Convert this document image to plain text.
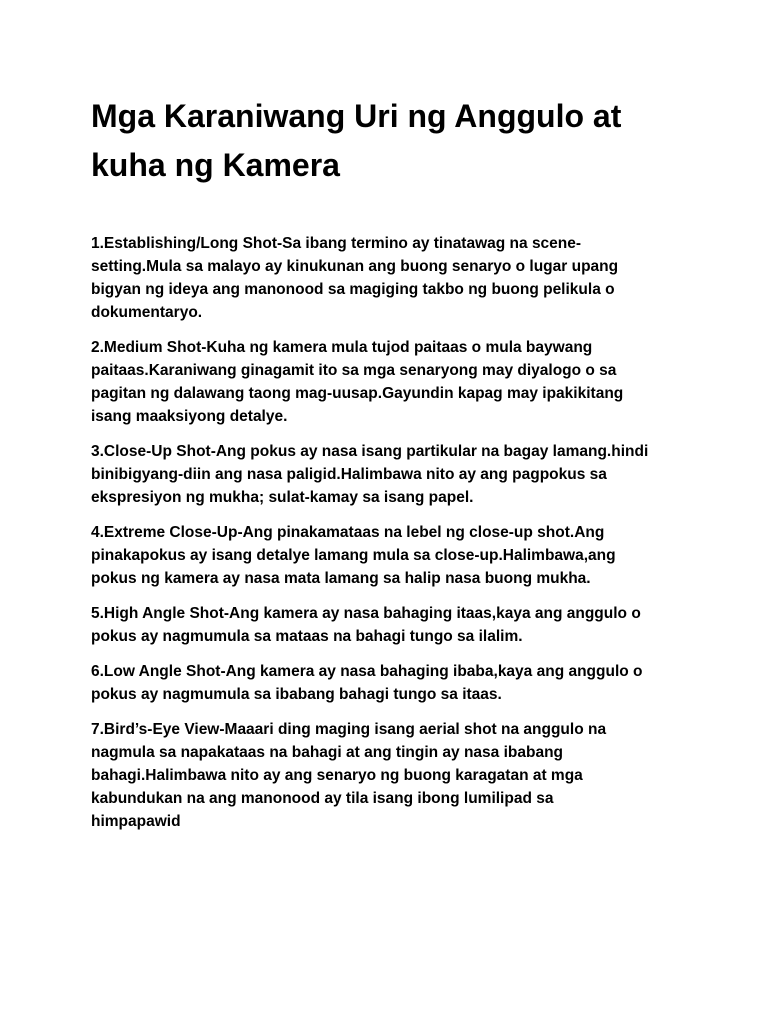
Mga Karaniwang Uri ng Anggulo at kuha ng Kamera

1.Establishing/Long Shot-Sa ibang termino ay tinatawag na scene-
setting.Mula sa malayo ay kinukunan ang buong senaryo o lugar upang
bigyan ng ideya ang manonood sa magiging takbo ng buong pelikula o
dokumentaryo.

2.Medium Shot-Kuha ng kamera mula tujod paitaas o mula baywang
paitaas.Karaniwang ginagamit ito sa mga senaryong may diyalogo o sa
pagitan ng dalawang taong mag-uusap.Gayundin kapag may ipakikitang
isang maaksiyong detalye.

3.Close-Up Shot-Ang pokus ay nasa isang partikular na bagay lamang.hindi
binibigyang-diin ang nasa paligid.Halimbawa nito ay ang pagpokus sa
ekspresiyon ng mukha; sulat-kamay sa isang papel.

4.Extreme Close-Up-Ang pinakamataas na lebel ng close-up shot.Ang
pinakapokus ay isang detalye lamang mula sa close-up.Halimbawa,ang
pokus ng kamera ay nasa mata lamang sa halip nasa buong mukha.

5.High Angle Shot-Ang kamera ay nasa bahaging itaas,kaya ang anggulo o
pokus ay nagmumula sa mataas na bahagi tungo sa ilalim.

6.Low Angle Shot-Ang kamera ay nasa bahaging ibaba,kaya ang anggulo o
pokus ay nagmumula sa ibabang bahagi tungo sa itaas.

7.Bird’s-Eye View-Maaari ding maging isang aerial shot na anggulo na
nagmula sa napakataas na bahagi at ang tingin ay nasa ibabang
bahagi.Halimbawa nito ay ang senaryo ng buong karagatan at mga
kabundukan na ang manonood ay tila isang ibong lumilipad sa
himpapawid
